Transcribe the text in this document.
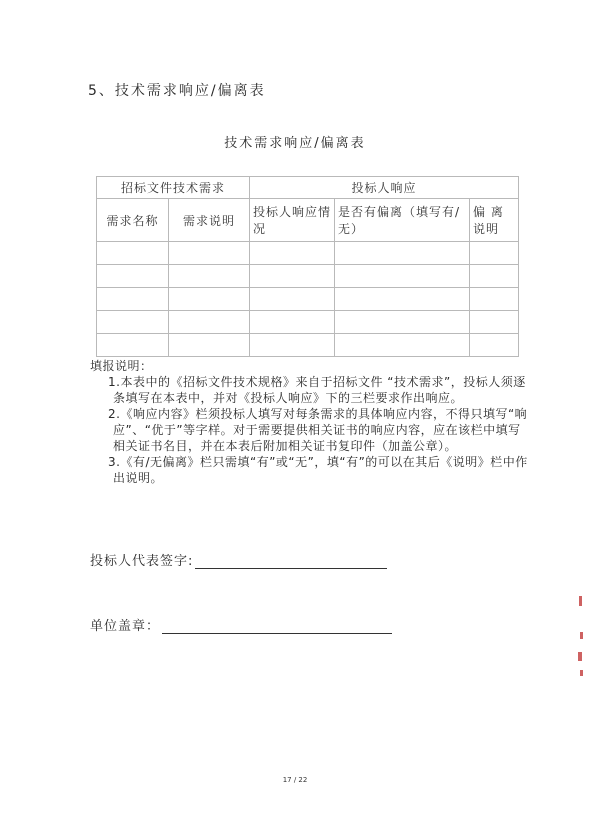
5、技术需求响应/偏离表
技术需求响应/偏离表
招标文件技术需求		投标人响应		
需求名称	需求说明	投标人响应情况	是否有偏离（填写有/无）	偏 离说明

填报说明：
1.本表中的《招标文件技术规格》来自于招标文件 “技术需求”，投标人须逐条填写在本表中，并对《投标人响应》下的三栏要求作出响应。
2.《响应内容》栏须投标人填写对每条需求的具体响应内容，不得只填写“响应”、“优于”等字样。对于需要提供相关证书的响应内容，应在该栏中填写相关证书名目，并在本表后附加相关证书复印件（加盖公章）。
3.《有/无偏离》栏只需填“有”或“无”，填“有”的可以在其后《说明》栏中作出说明。
投标人代表签字:
单位盖章：
17 / 22
